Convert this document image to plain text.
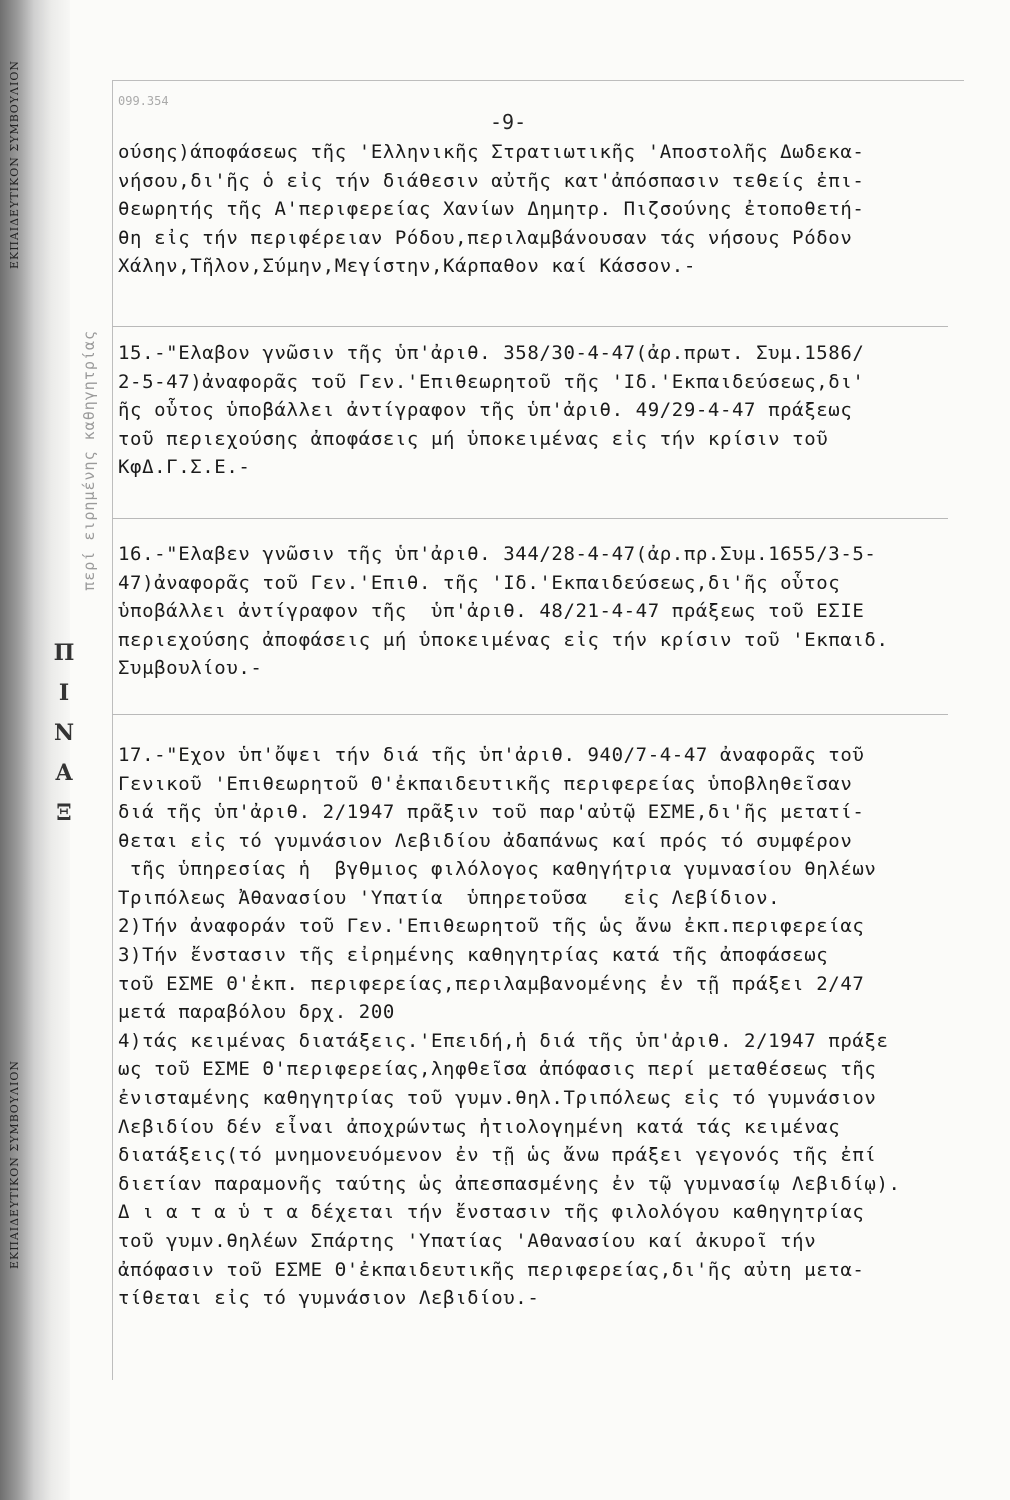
ΕΚΠΑΙΔΕΥΤΙΚΟΝ ΣΥΜΒΟΥΛΙΟΝ
ΕΚΠΑΙΔΕΥΤΙΚΟΝ ΣΥΜΒΟΥΛΙΟΝ
Π
Ι
Ν
Α
Ξ
περί ειρημένης καθηγητρίας
099.354
-9-
ούσης)άποφάσεως τῆς 'Ελληνικῆς Στρατιωτικῆς 'Αποστολῆς Δωδεκα-
νήσου,δι'ῆς ὁ εἰς τήν διάθεσιν αὐτῆς κατ'ἀπόσπασιν τεθείς ἐπι-
θεωρητής τῆς Α'περιφερείας Χανίων Δημητρ. Πιζσούνης ἐτοποθετή-
θη εἰς τήν περιφέρειαν Ρόδου,περιλαμβάνουσαν τάς νήσους Ρόδον
Χάλην,Τῆλον,Σύμην,Μεγίστην,Κάρπαθον καί Κάσσον.-
15.-"Ελαβον γνῶσιν τῆς ὑπ'ἀριθ. 358/30-4-47(ἀρ.πρωτ. Συμ.1586/
2-5-47)ἀναφορᾶς τοῦ Γεν.'Επιθεωρητοῦ τῆς 'Ιδ.'Εκπαιδεύσεως,δι'
ῆς οὗτος ὑποβάλλει ἀντίγραφον τῆς ὑπ'ἀριθ. 49/29-4-47 πράξεως
τοῦ περιεχούσης ἀποφάσεις μή ὑποκειμένας εἰς τήν κρίσιν τοῦ
ΚφΔ.Γ.Σ.Ε.-
16.-"Ελαβεν γνῶσιν τῆς ὑπ'ἀριθ. 344/28-4-47(ἀρ.πρ.Συμ.1655/3-5-
47)ἀναφορᾶς τοῦ Γεν.'Επιθ. τῆς 'Ιδ.'Εκπαιδεύσεως,δι'ῆς οὗτος
ὑποβάλλει ἀντίγραφον τῆς  ὑπ'ἀριθ. 48/21-4-47 πράξεως τοῦ ΕΣΙΕ
περιεχούσης ἀποφάσεις μή ὑποκειμένας εἰς τήν κρίσιν τοῦ 'Εκπαιδ.
Συμβουλίου.-
17.-"Εχον ὑπ'ὄψει τήν διά τῆς ὑπ'ἀριθ. 940/7-4-47 ἀναφορᾶς τοῦ
Γενικοῦ 'Επιθεωρητοῦ Θ'ἐκπαιδευτικῆς περιφερείας ὑποβληθεῖσαν
διά τῆς ὑπ'ἀριθ. 2/1947 πρᾶξιν τοῦ παρ'αὐτῷ ΕΣΜΕ,δι'ῆς μετατί-
θεται εἰς τό γυμνάσιον Λεβιδίου ἀδαπάνως καί πρός τό συμφέρον
τῆς ὑπηρεσίας ἡ  βγθμιος φιλόλογος καθηγήτρια γυμνασίου θηλέων
Τριπόλεως Ἀθανασίου 'Υπατία  ὑπηρετοῦσα   εἰς Λεβίδιον.
2)Τήν ἀναφοράν τοῦ Γεν.'Επιθεωρητοῦ τῆς ὡς ἄνω ἐκπ.περιφερείας
3)Τήν ἔνστασιν τῆς εἰρημένης καθηγητρίας κατά τῆς ἀποφάσεως
τοῦ ΕΣΜΕ Θ'ἐκπ. περιφερείας,περιλαμβανομένης ἐν τῇ πράξει 2/47
μετά παραβόλου δρχ. 200
4)τάς κειμένας διατάξεις.'Επειδή,ἡ διά τῆς ὑπ'ἀριθ. 2/1947 πράξε
ως τοῦ ΕΣΜΕ Θ'περιφερείας,ληφθεῖσα ἀπόφασις περί μεταθέσεως τῆς
ἐνισταμένης καθηγητρίας τοῦ γυμν.θηλ.Τριπόλεως εἰς τό γυμνάσιον
Λεβιδίου δέν εἶναι ἀποχρώντως ἠτιολογημένη κατά τάς κειμένας
διατάξεις(τό μνημονευόμενον ἐν τῇ ὡς ἄνω πράξει γεγονός τῆς ἐπί
διετίαν παραμονῆς ταύτης ὡς ἀπεσπασμένης ἐν τῷ γυμνασίῳ Λεβιδίῳ).
Δ ι α τ α ὑ τ α δέχεται τήν ἔνστασιν τῆς φιλολόγου καθηγητρίας
τοῦ γυμν.θηλέων Σπάρτης 'Υπατίας 'Αθανασίου καί ἀκυροῖ τήν
ἀπόφασιν τοῦ ΕΣΜΕ Θ'ἐκπαιδευτικῆς περιφερείας,δι'ῆς αὐτη μετα-
τίθεται εἰς τό γυμνάσιον Λεβιδίου.-
